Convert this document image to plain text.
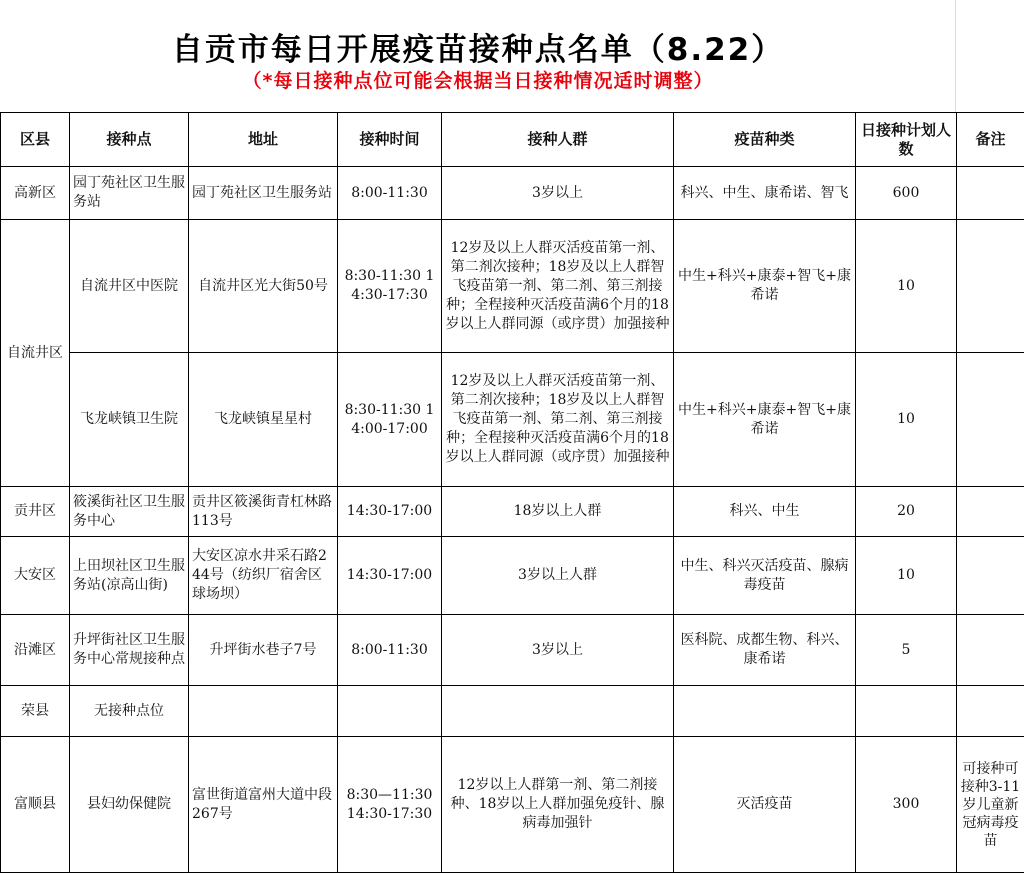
自贡市每日开展疫苗接种点名单（8.22）
（*每日接种点位可能会根据当日接种情况适时调整）
区县	接种点	地址	接种时间	接种人群	疫苗种类	日接种计划人数	备注
高新区	园丁苑社区卫生服务站	园丁苑社区卫生服务站	8:00-11:30	3岁以上	科兴、中生、康希诺、智飞	600	
自流井区	自流井区中医院	自流井区光大街50号	8:30-11:30 14:30-17:30	12岁及以上人群灭活疫苗第一剂、第二剂次接种；18岁及以上人群智飞疫苗第一剂、第二剂、第三剂接种；全程接种灭活疫苗满6个月的18岁以上人群同源（或序贯）加强接种	中生+科兴+康泰+智飞+康希诺	10	
	飞龙峡镇卫生院	飞龙峡镇星星村	8:30-11:30 14:00-17:00	12岁及以上人群灭活疫苗第一剂、第二剂次接种；18岁及以上人群智飞疫苗第一剂、第二剂、第三剂接种；全程接种灭活疫苗满6个月的18岁以上人群同源（或序贯）加强接种	中生+科兴+康泰+智飞+康希诺	10	
贡井区	筱溪街社区卫生服务中心	贡井区筱溪街青杠林路113号	14:30-17:00	18岁以上人群	科兴、中生	20	
大安区	上田坝社区卫生服务站(凉高山街)	大安区凉水井采石路244号（纺织厂宿舍区球场坝）	14:30-17:00	3岁以上人群	中生、科兴灭活疫苗、腺病毒疫苗	10	
沿滩区	升坪街社区卫生服务中心常规接种点	升坪街水巷子7号	8:00-11:30	3岁以上	医科院、成都生物、科兴、康希诺	5	
荣县	无接种点位						
富顺县	县妇幼保健院	富世街道富州大道中段267号	8:30—11:30 14:30-17:30	12岁以上人群第一剂、第二剂接种、18岁以上人群加强免疫针、腺病毒加强针	灭活疫苗	300	可接种可接种3-11岁儿童新冠病毒疫苗
